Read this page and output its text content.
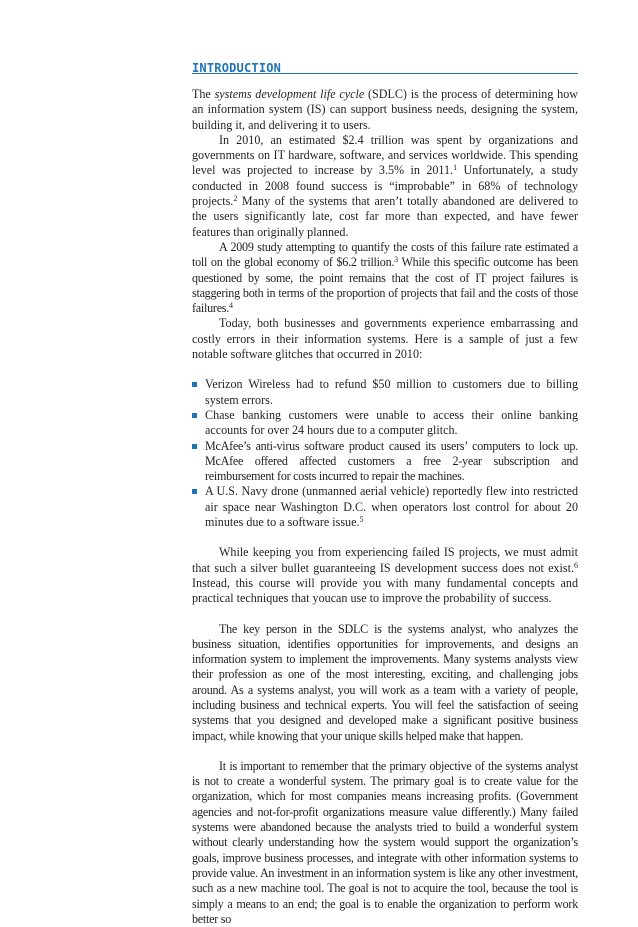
INTRODUCTION

The systems development life cycle (SDLC) is the process of determining how an information system (IS) can support business needs, designing the system, building it, and delivering it to users.

In 2010, an estimated $2.4 trillion was spent by organizations and governments on IT hardware, software, and services worldwide. This spending level was projected to increase by 3.5% in 2011.$^1$ Unfortunately, a study conducted in 2008 found success is “improbable” in 68% of technology projects.$^2$ Many of the systems that aren’t totally abandoned are delivered to the users significantly late, cost far more than expected, and have fewer features than originally planned.

A 2009 study attempting to quantify the costs of this failure rate estimated a toll on the global economy of $6.2 trillion.$^3$ While this specific outcome has been questioned by some, the point remains that the cost of IT project failures is staggering both in terms of the proportion of projects that fail and the costs of those failures.$^4$

Today, both businesses and governments experience embarrassing and costly errors in their information systems. Here is a sample of just a few notable software glitches that occurred in 2010:

Verizon Wireless had to refund $50 million to customers due to billing system errors.
Chase banking customers were unable to access their online banking accounts for over 24 hours due to a computer glitch.
McAfee’s anti-virus software product caused its users’ computers to lock up. McAfee offered affected customers a free 2-year subscription and reimbursement for costs incurred to repair the machines.
A U.S. Navy drone (unmanned aerial vehicle) reportedly flew into restricted air space near Washington D.C. when operators lost control for about 20 minutes due to a software issue.$^5$

While keeping you from experiencing failed IS projects, we must admit that such a silver bullet guaranteeing IS development success does not exist.$^6$ Instead, this course will provide you with many fundamental concepts and practical techniques that youcan use to improve the probability of success.

The key person in the SDLC is the systems analyst, who analyzes the business situation, identifies opportunities for improvements, and designs an information system to implement the improvements. Many systems analysts view their profession as one of the most interesting, exciting, and challenging jobs around. As a systems analyst, you will work as a team with a variety of people, including business and technical experts. You will feel the satisfaction of seeing systems that you designed and developed make a significant positive business impact, while knowing that your unique skills helped make that happen.

It is important to remember that the primary objective of the systems analyst is not to create a wonderful system. The primary goal is to create value for the organization, which for most companies means increasing profits. (Government agencies and not-for-profit organizations measure value differently.) Many failed systems were abandoned because the analysts tried to build a wonderful system without clearly understanding how the system would support the organization’s goals, improve business processes, and integrate with other information systems to provide value. An investment in an information system is like any other investment, such as a new machine tool. The goal is not to acquire the tool, because the tool is simply a means to an end; the goal is to enable the organization to perform work better so
